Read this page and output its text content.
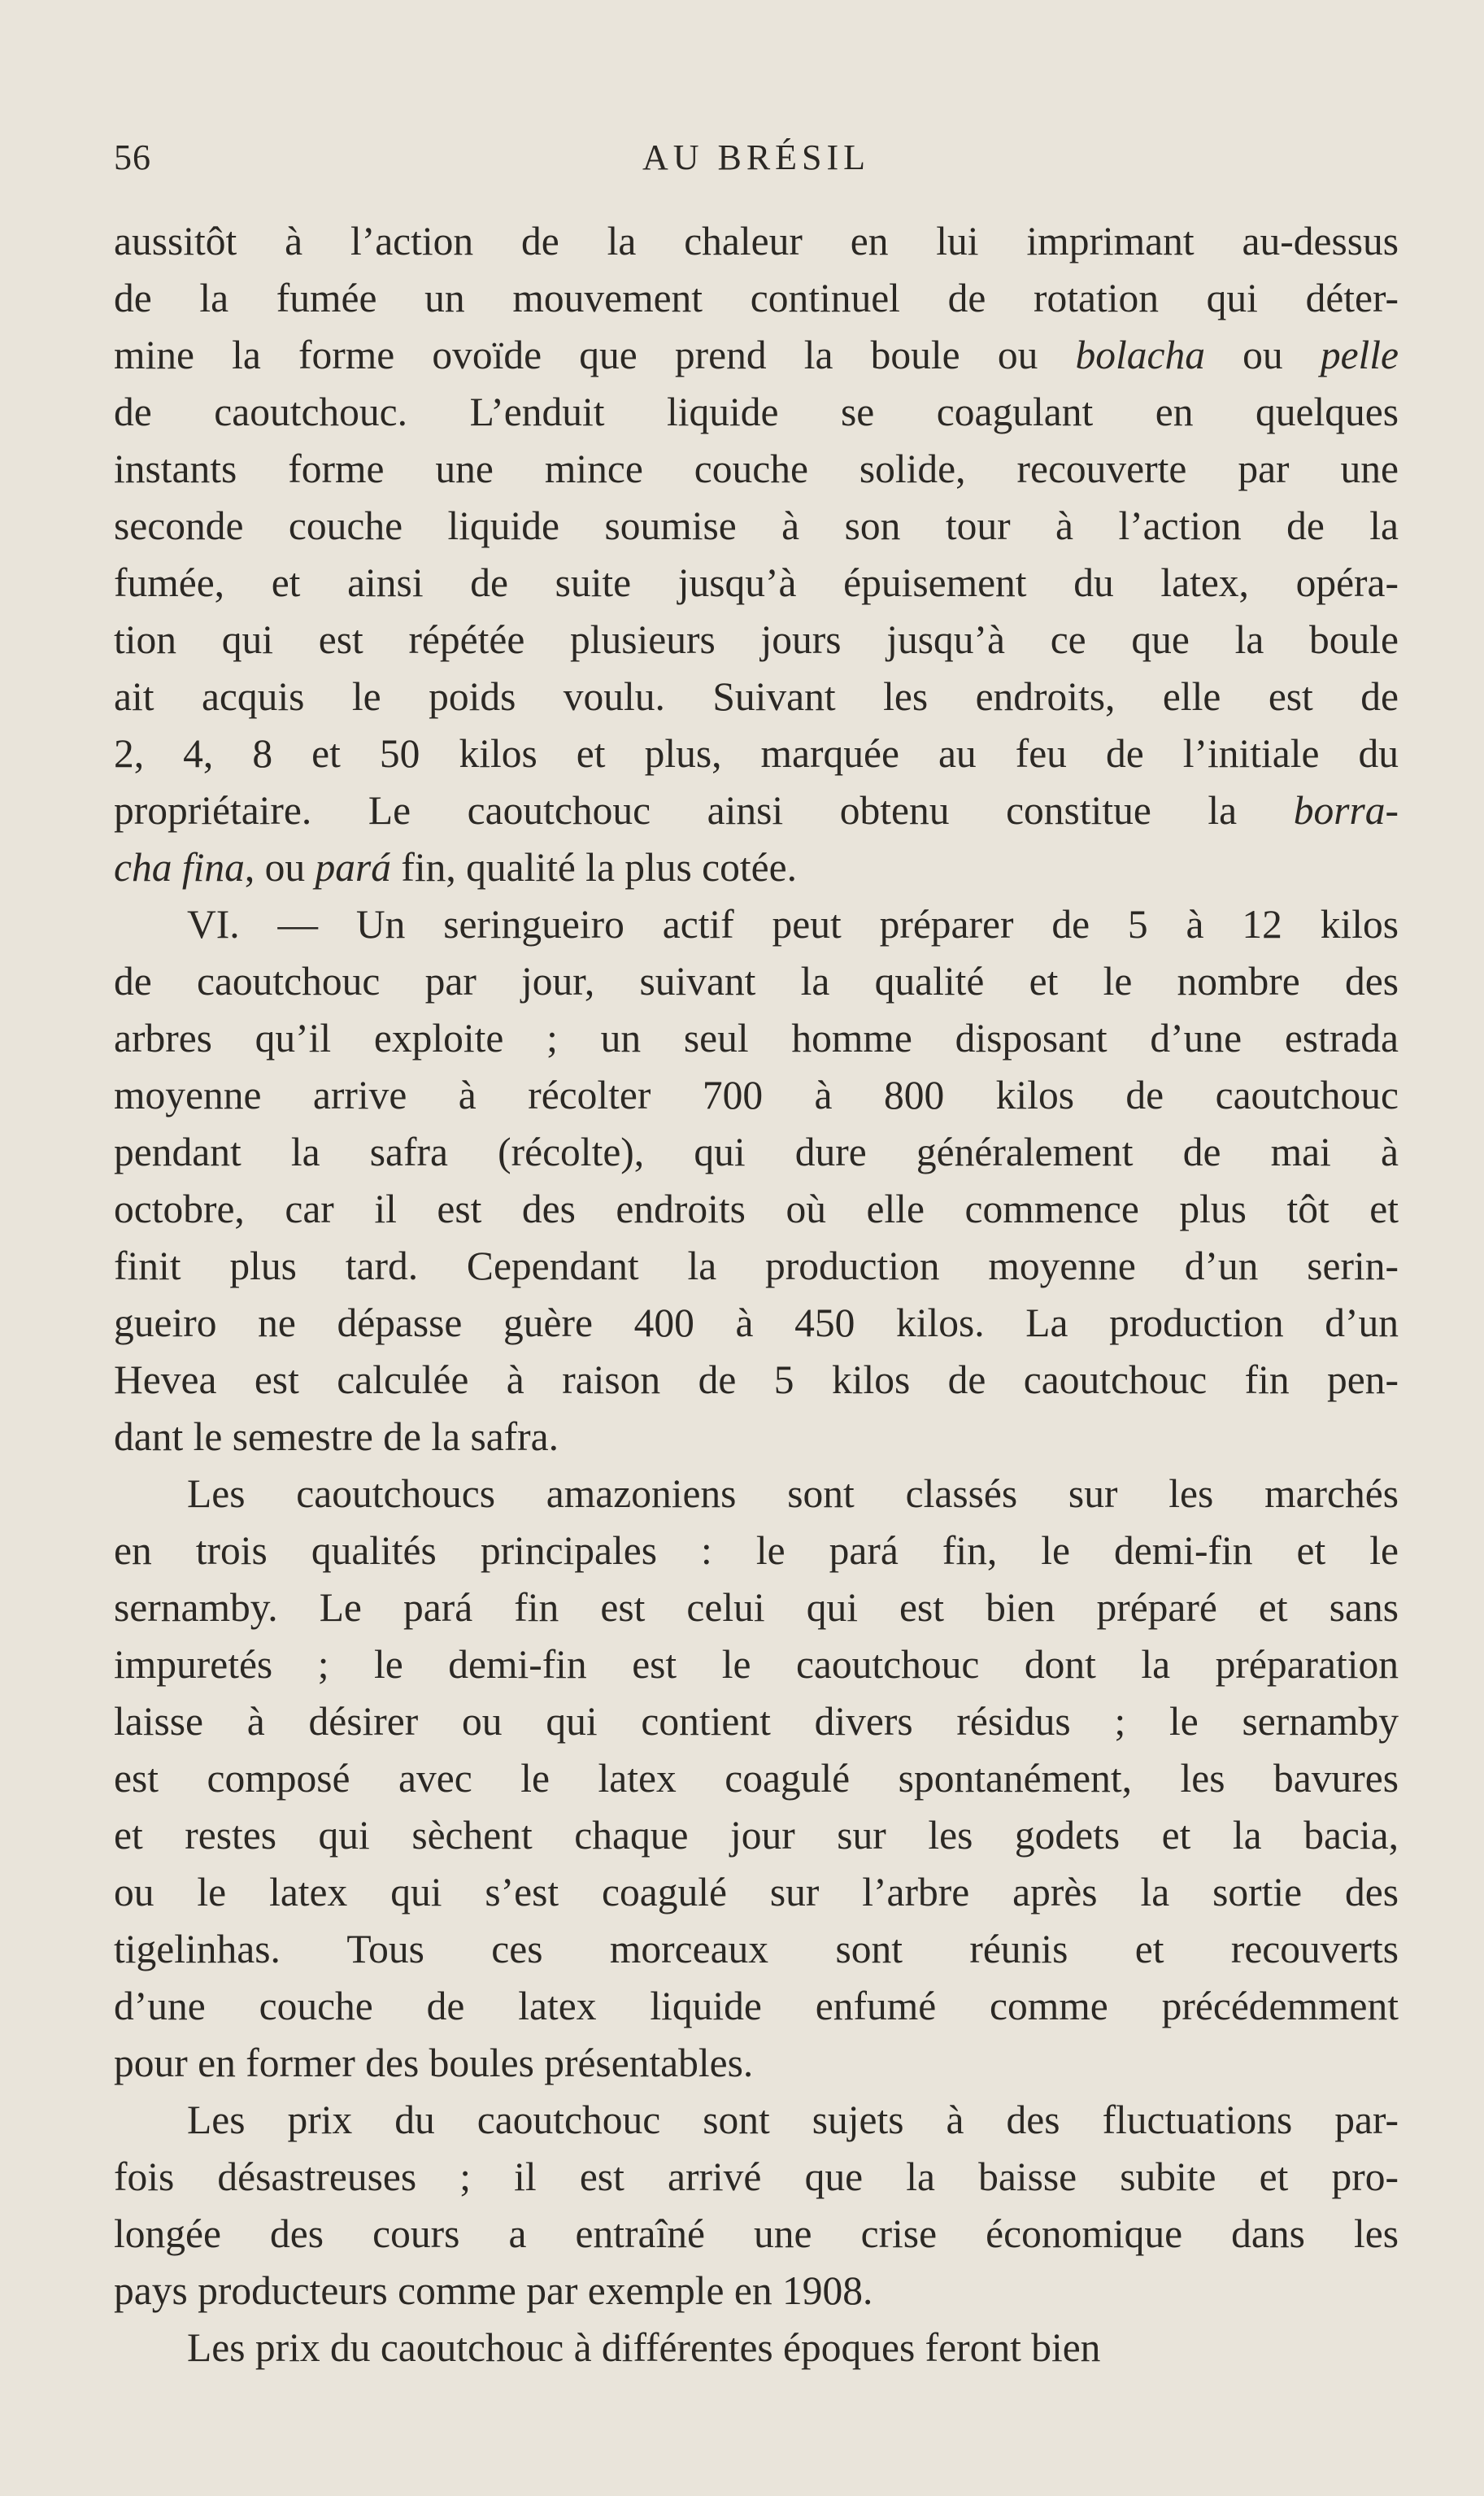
56	AU BRÉSIL
aussitôt à l’action de la chaleur en lui imprimant au-dessus
de la fumée un mouvement continuel de rotation qui déter-
mine la forme ovoïde que prend la boule ou bolacha ou pelle
de caoutchouc. L’enduit liquide se coagulant en quelques
instants forme une mince couche solide, recouverte par une
seconde couche liquide soumise à son tour à l’action de la
fumée, et ainsi de suite jusqu’à épuisement du latex, opéra-
tion qui est répétée plusieurs jours jusqu’à ce que la boule
ait acquis le poids voulu. Suivant les endroits, elle est de
2, 4, 8 et 50 kilos et plus, marquée au feu de l’initiale du
propriétaire. Le caoutchouc ainsi obtenu constitue la borra-
cha fina, ou pará fin, qualité la plus cotée.
VI. — Un seringueiro actif peut préparer de 5 à 12 kilos
de caoutchouc par jour, suivant la qualité et le nombre des
arbres qu’il exploite ; un seul homme disposant d’une estrada
moyenne arrive à récolter 700 à 800 kilos de caoutchouc
pendant la safra (récolte), qui dure généralement de mai à
octobre, car il est des endroits où elle commence plus tôt et
finit plus tard. Cependant la production moyenne d’un serin-
gueiro ne dépasse guère 400 à 450 kilos. La production d’un
Hevea est calculée à raison de 5 kilos de caoutchouc fin pen-
dant le semestre de la safra.
Les caoutchoucs amazoniens sont classés sur les marchés
en trois qualités principales : le pará fin, le demi-fin et le
sernamby. Le pará fin est celui qui est bien préparé et sans
impuretés ; le demi-fin est le caoutchouc dont la préparation
laisse à désirer ou qui contient divers résidus ; le sernamby
est composé avec le latex coagulé spontanément, les bavures
et restes qui sèchent chaque jour sur les godets et la bacia,
ou le latex qui s’est coagulé sur l’arbre après la sortie des
tigelinhas. Tous ces morceaux sont réunis et recouverts
d’une couche de latex liquide enfumé comme précédemment
pour en former des boules présentables.
Les prix du caoutchouc sont sujets à des fluctuations par-
fois désastreuses ; il est arrivé que la baisse subite et pro-
longée des cours a entraîné une crise économique dans les
pays producteurs comme par exemple en 1908.
Les prix du caoutchouc à différentes époques feront bien
